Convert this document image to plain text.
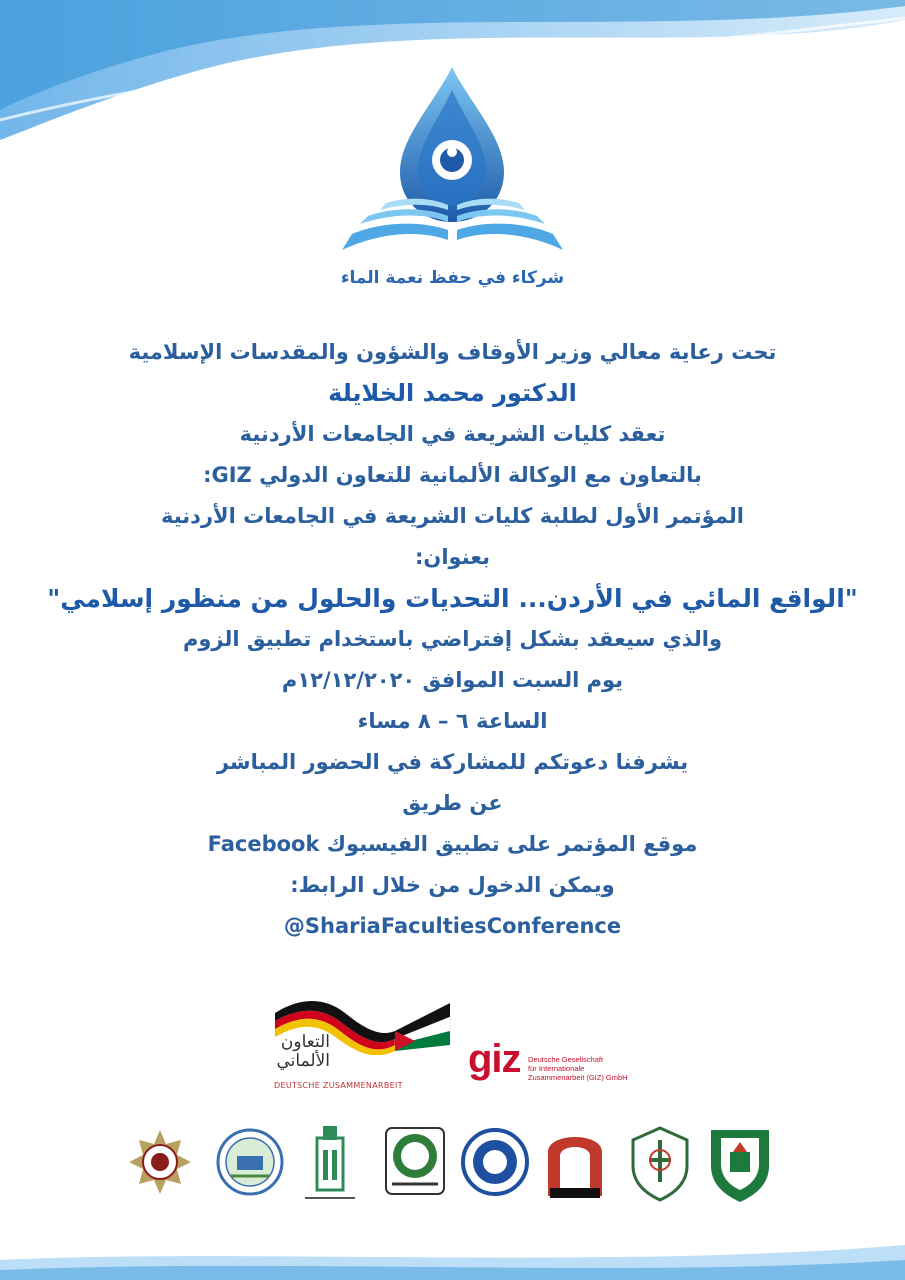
شركاء في حفظ نعمة الماء
تحت رعاية معالي وزير الأوقاف والشؤون والمقدسات الإسلامية
الدكتور محمد الخلايلة
تعقد كليات الشريعة في الجامعات الأردنية
بالتعاون مع الوكالة الألمانية للتعاون الدولي GIZ:
المؤتمر الأول لطلبة كليات الشريعة في الجامعات الأردنية
بعنوان:
"الواقع المائي في الأردن... التحديات والحلول من منظور إسلامي"
والذي سيعقد بشكل إفتراضي باستخدام تطبيق الزوم
يوم السبت الموافق ١٢/١٢/٢٠٢٠م
الساعة ٦ – ٨ مساء
يشرفنا دعوتكم للمشاركة في الحضور المباشر
عن طريق
موقع المؤتمر على تطبيق الفيسبوك Facebook
ويمكن الدخول من خلال الرابط:
@ShariaFacultiesConference
التعاون الألماني
DEUTSCHE ZUSAMMENARBEIT
giz Deutsche Gesellschaft
für Internationale
Zusammenarbeit (GIZ) GmbH
